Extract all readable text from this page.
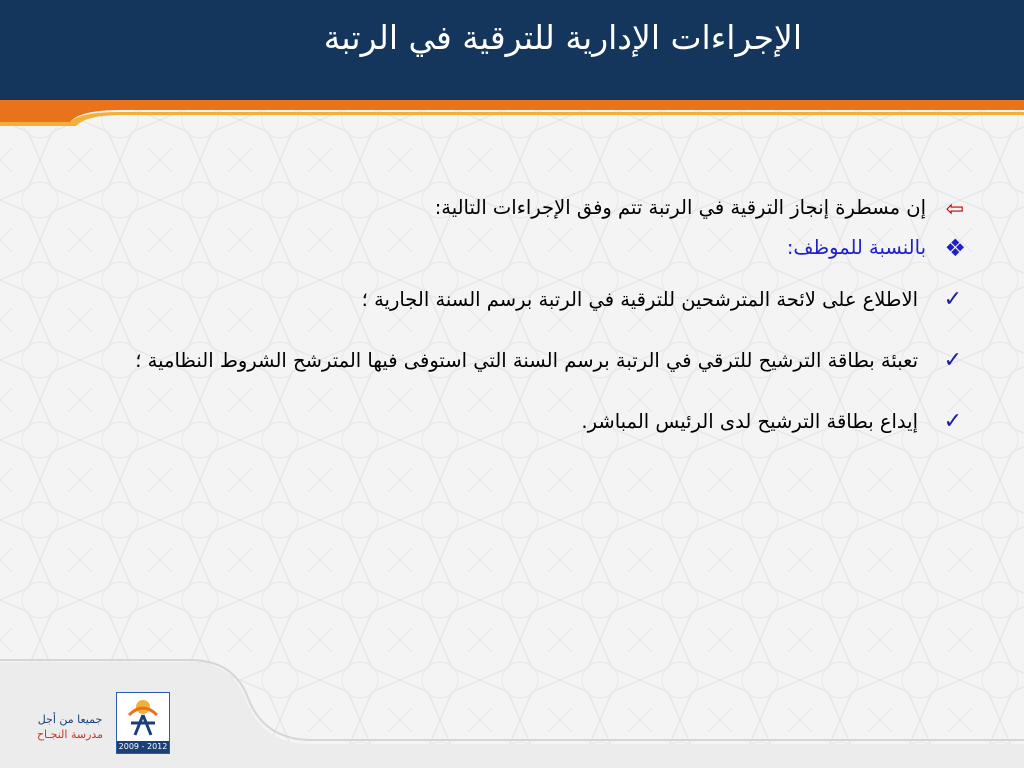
الإجراءات الإدارية للترقية في الرتبة
⇦
إن مسطرة إنجاز الترقية في الرتبة تتم وفق الإجراءات التالية:
❖
بالنسبة للموظف:
✓
الاطلاع على لائحة المترشحين للترقية في الرتبة برسم السنة الجارية ؛
✓
تعبئة بطاقة الترشيح للترقي في الرتبة برسم السنة التي استوفى فيها المترشح الشروط النظامية ؛
✓
إيداع بطاقة الترشيح لدى الرئيس المباشر.
جميعا من أجل
مدرسة النجـاح
2009 - 2012
